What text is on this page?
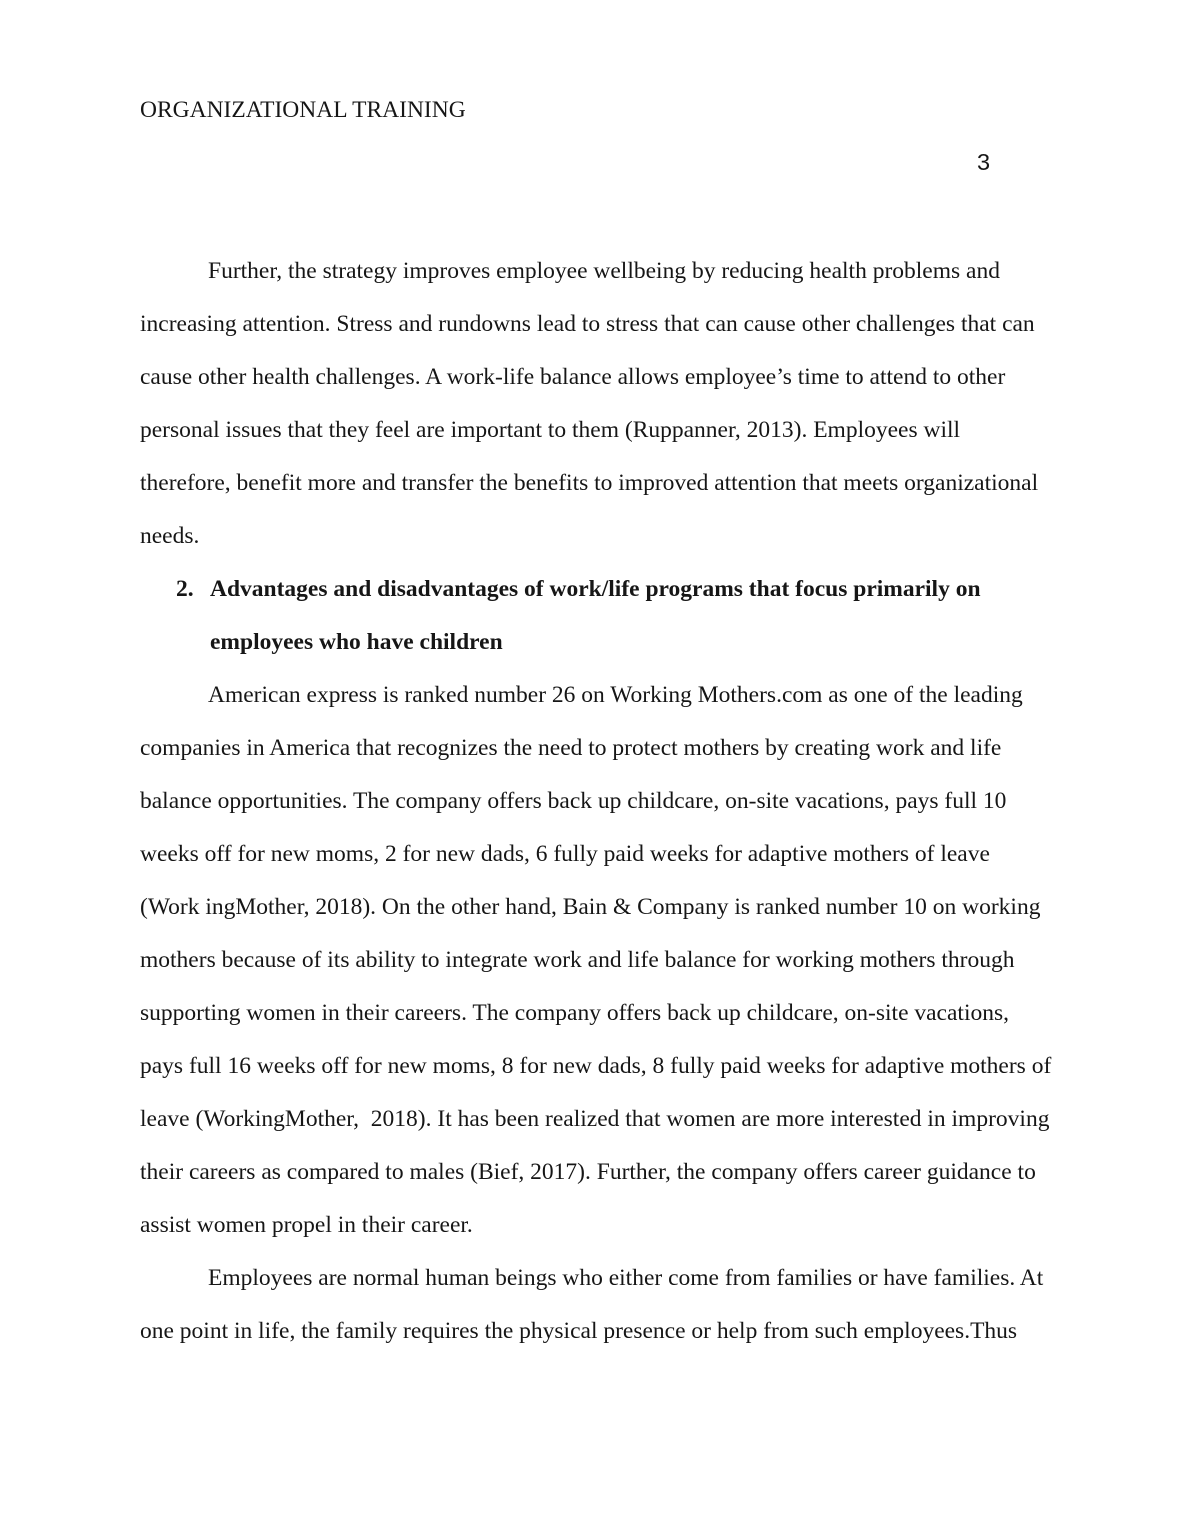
ORGANIZATIONAL TRAINING
3
Further, the strategy improves employee wellbeing by reducing health problems and
increasing attention. Stress and rundowns lead to stress that can cause other challenges that can
cause other health challenges. A work-life balance allows employee’s time to attend to other
personal issues that they feel are important to them (Ruppanner, 2013). Employees will
therefore, benefit more and transfer the benefits to improved attention that meets organizational
needs.
2. Advantages and disadvantages of work/life programs that focus primarily on
employees who have children
American express is ranked number 26 on Working Mothers.com as one of the leading
companies in America that recognizes the need to protect mothers by creating work and life
balance opportunities. The company offers back up childcare, on-site vacations, pays full 10
weeks off for new moms, 2 for new dads, 6 fully paid weeks for adaptive mothers of leave
(Work ingMother, 2018). On the other hand, Bain & Company is ranked number 10 on working
mothers because of its ability to integrate work and life balance for working mothers through
supporting women in their careers. The company offers back up childcare, on-site vacations,
pays full 16 weeks off for new moms, 8 for new dads, 8 fully paid weeks for adaptive mothers of
leave (WorkingMother,  2018). It has been realized that women are more interested in improving
their careers as compared to males (Bief, 2017). Further, the company offers career guidance to
assist women propel in their career.
Employees are normal human beings who either come from families or have families. At
one point in life, the family requires the physical presence or help from such employees.Thus
